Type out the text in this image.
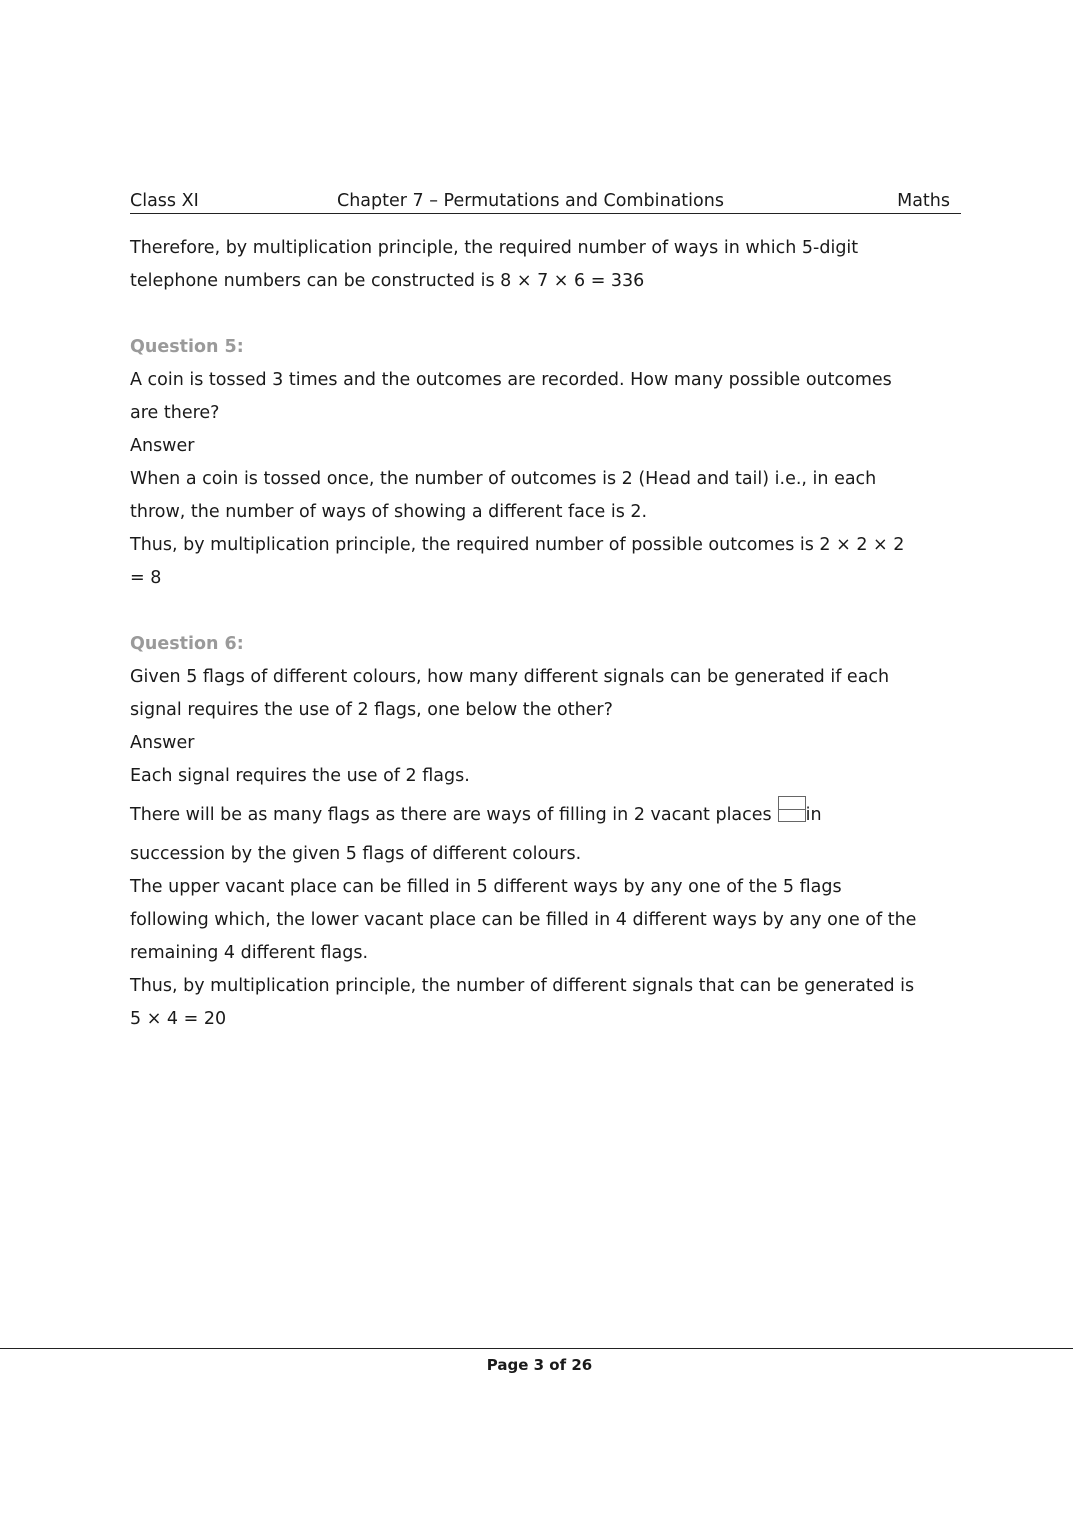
Class XI	Chapter 7 – Permutations and Combinations	Maths

Therefore, by multiplication principle, the required number of ways in which 5-digit

telephone numbers can be constructed is 8 × 7 × 6 = 336

Question 5:

A coin is tossed 3 times and the outcomes are recorded. How many possible outcomes

are there?

Answer

When a coin is tossed once, the number of outcomes is 2 (Head and tail) i.e., in each

throw, the number of ways of showing a different face is 2.

Thus, by multiplication principle, the required number of possible outcomes is 2 × 2 × 2

= 8

Question 6:

Given 5 flags of different colours, how many different signals can be generated if each

signal requires the use of 2 flags, one below the other?

Answer

Each signal requires the use of 2 flags.

There will be as many flags as there are ways of filling in 2 vacant places in

succession by the given 5 flags of different colours.

The upper vacant place can be filled in 5 different ways by any one of the 5 flags

following which, the lower vacant place can be filled in 4 different ways by any one of the

remaining 4 different flags.

Thus, by multiplication principle, the number of different signals that can be generated is

5 × 4 = 20

Page 3 of 26
